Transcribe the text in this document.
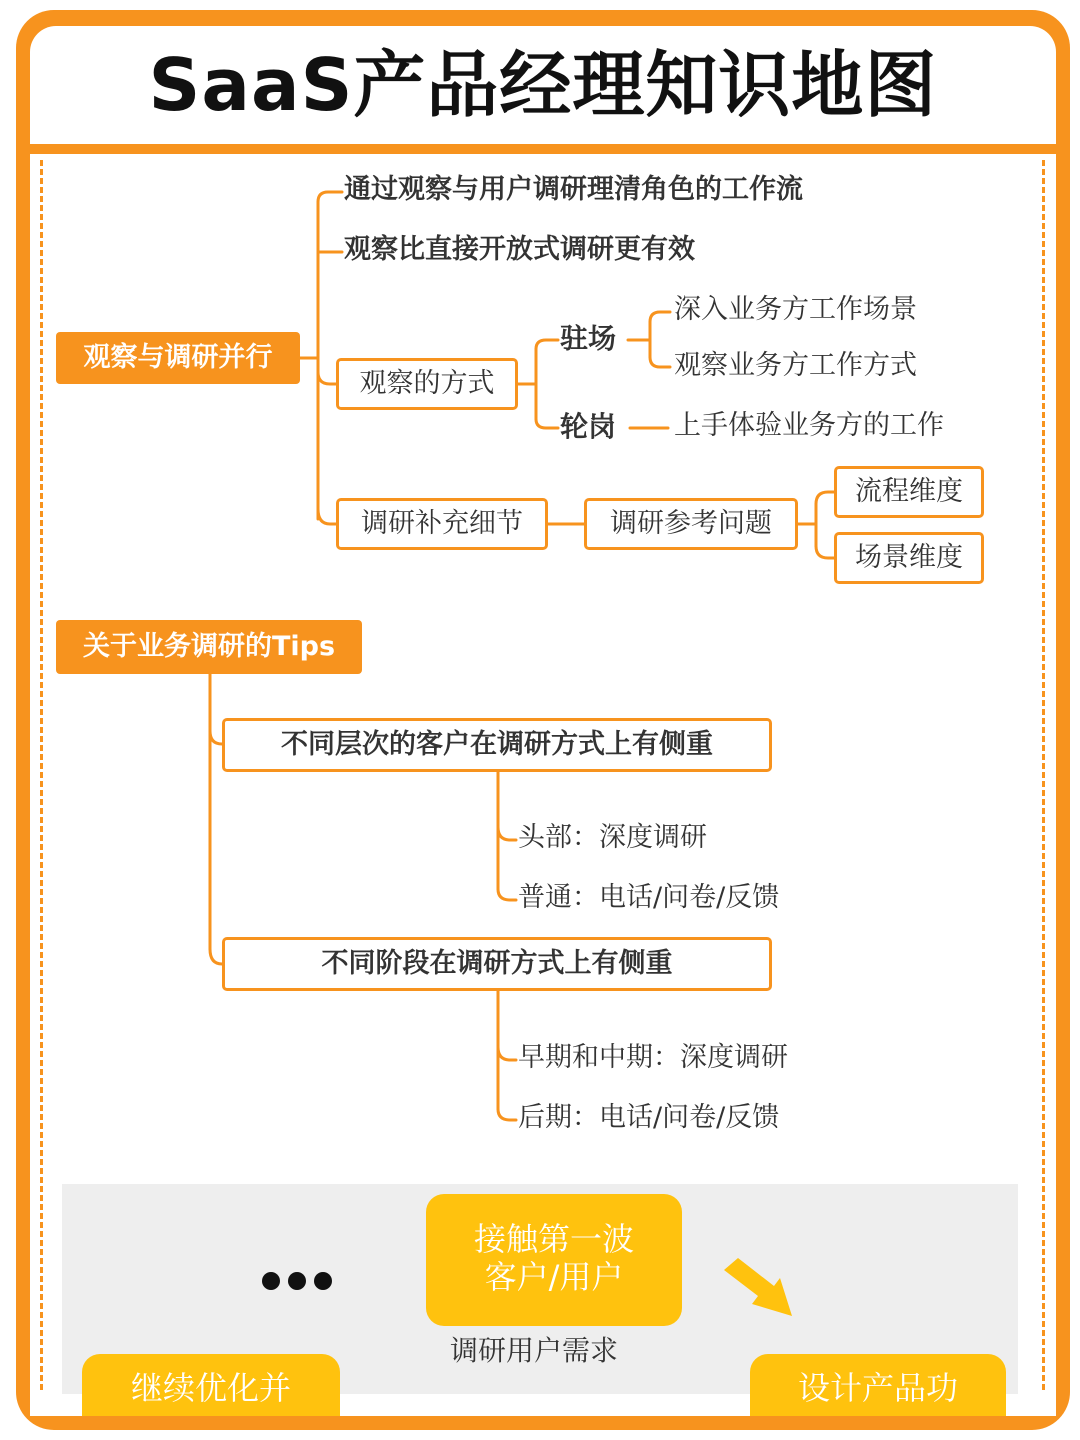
SaaS产品经理知识地图
观察与调研并行
通过观察与用户调研理清角色的工作流
观察比直接开放式调研更有效
观察的方式
驻场
深入业务方工作场景
观察业务方工作方式
轮岗 上手体验业务方的工作
调研补充细节	调研参考问题
流程维度
场景维度
关于业务调研的Tips
不同层次的客户在调研方式上有侧重
头部：深度调研
普通：电话/问卷/反馈
不同阶段在调研方式上有侧重
早期和中期：深度调研
后期：电话/问卷/反馈
接触第一波
客户/用户
调研用户需求
继续优化并	设计产品功
